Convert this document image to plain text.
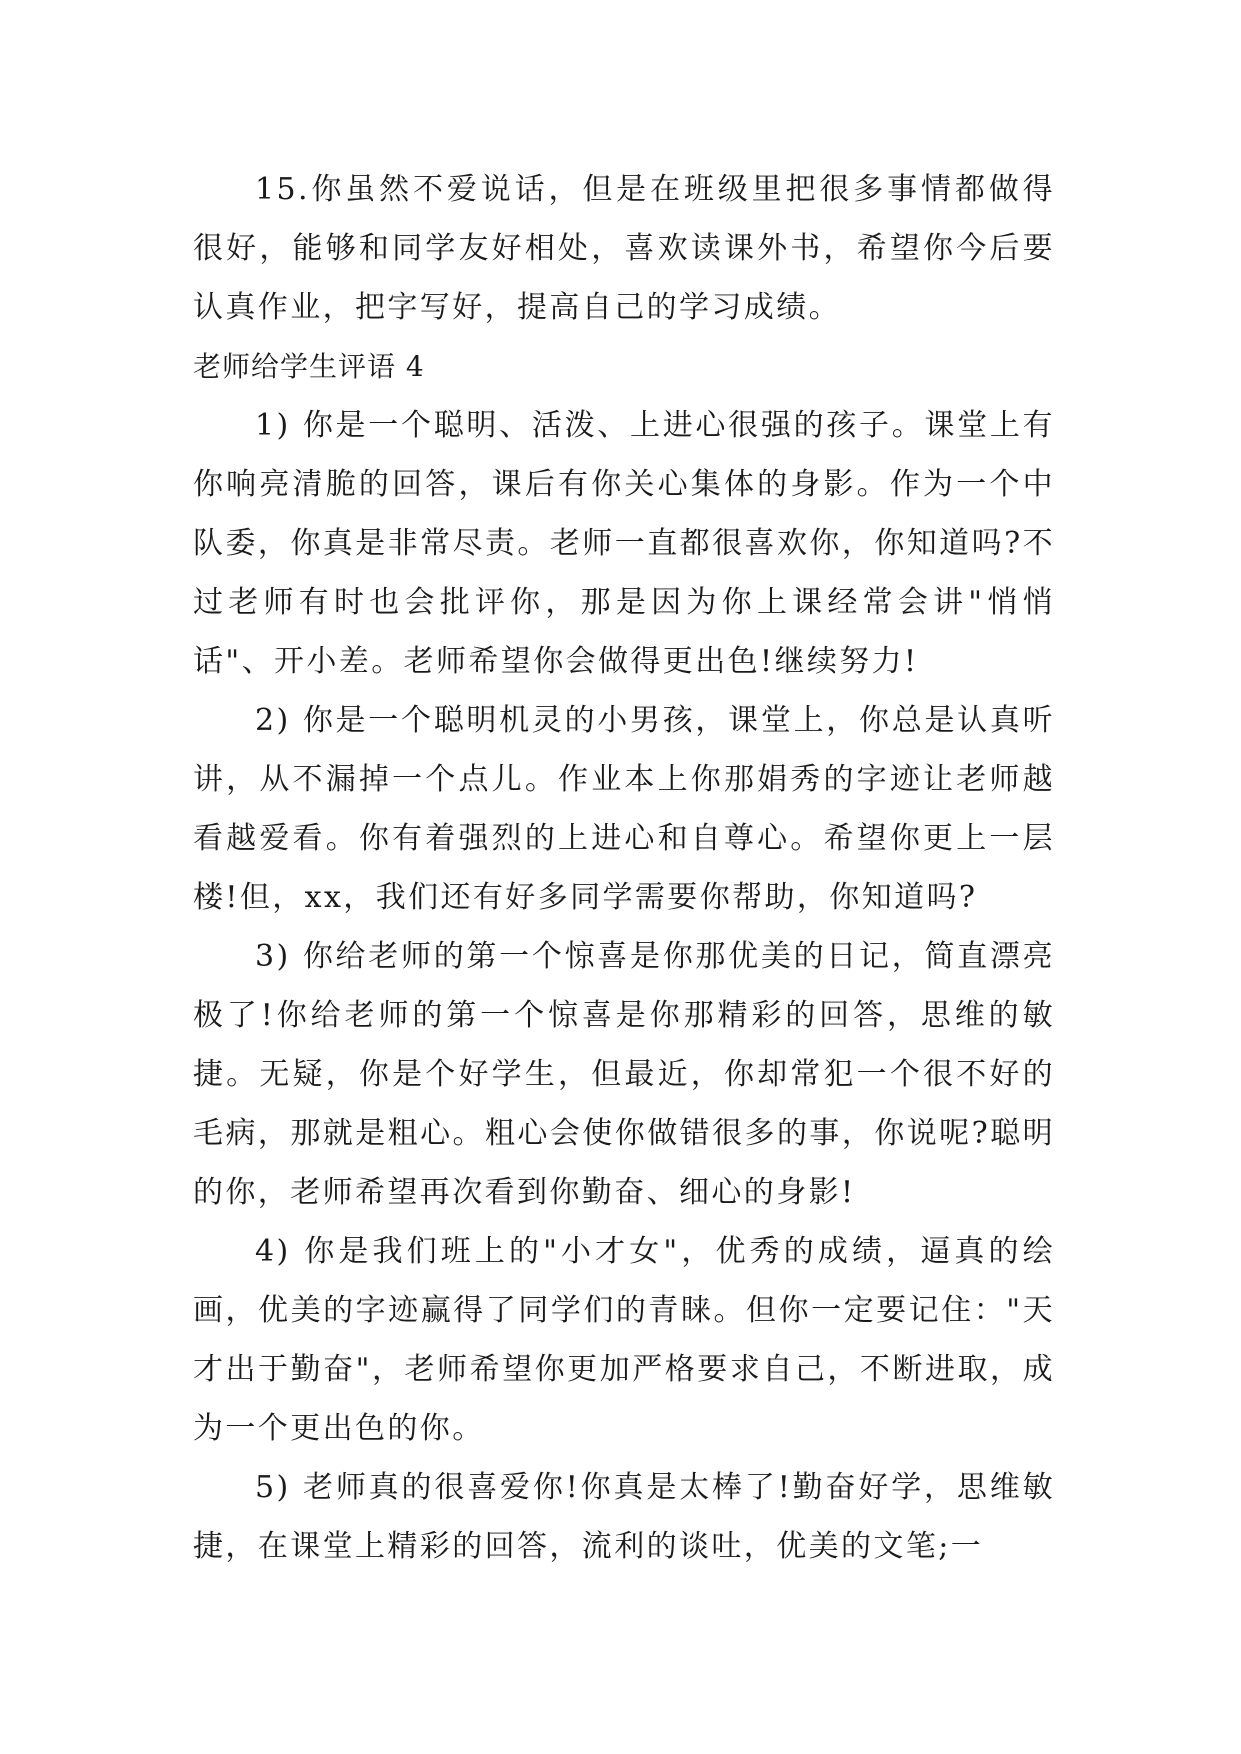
15.你虽然不爱说话，但是在班级里把很多事情都做得很好，能够和同学友好相处，喜欢读课外书，希望你今后要认真作业，把字写好，提高自己的学习成绩。

老师给学生评语 4

1) 你是一个聪明、活泼、上进心很强的孩子。课堂上有你响亮清脆的回答，课后有你关心集体的身影。作为一个中队委，你真是非常尽责。老师一直都很喜欢你，你知道吗?不过老师有时也会批评你，那是因为你上课经常会讲"悄悄话"、开小差。老师希望你会做得更出色!继续努力!

2) 你是一个聪明机灵的小男孩，课堂上，你总是认真听讲，从不漏掉一个点儿。作业本上你那娟秀的字迹让老师越看越爱看。你有着强烈的上进心和自尊心。希望你更上一层楼!但，xx，我们还有好多同学需要你帮助，你知道吗?

3) 你给老师的第一个惊喜是你那优美的日记，简直漂亮极了!你给老师的第一个惊喜是你那精彩的回答，思维的敏捷。无疑，你是个好学生，但最近，你却常犯一个很不好的毛病，那就是粗心。粗心会使你做错很多的事，你说呢?聪明的你，老师希望再次看到你勤奋、细心的身影!

4) 你是我们班上的"小才女"，优秀的成绩，逼真的绘画，优美的字迹赢得了同学们的青睐。但你一定要记住："天才出于勤奋"，老师希望你更加严格要求自己，不断进取，成为一个更出色的你。

5) 老师真的很喜爱你!你真是太棒了!勤奋好学，思维敏捷，在课堂上精彩的回答，流利的谈吐，优美的文笔;一
